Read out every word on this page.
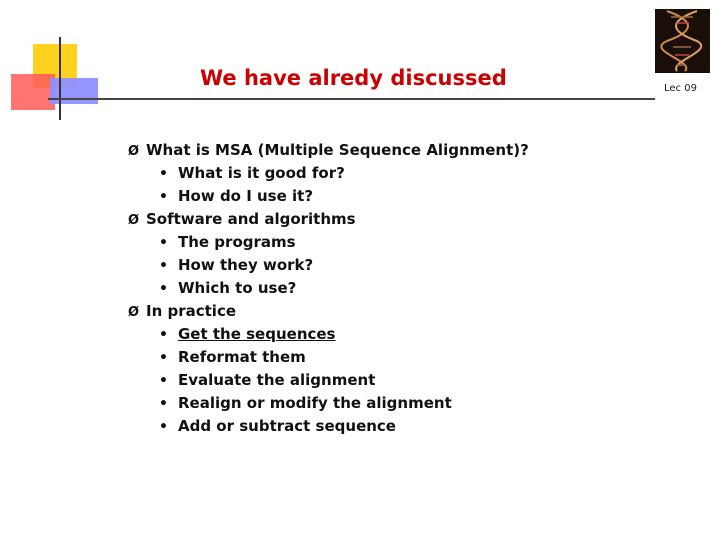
We have alredy discussed	Lec 09
Ø What is MSA (Multiple Sequence Alignment)?
• What is it good for?
• How do I use it?
Ø Software and algorithms
• The programs
• How they work?
• Which to use?
Ø In practice
• Get the sequences
• Reformat them
• Evaluate the alignment
• Realign or modify the alignment
• Add or subtract sequence
